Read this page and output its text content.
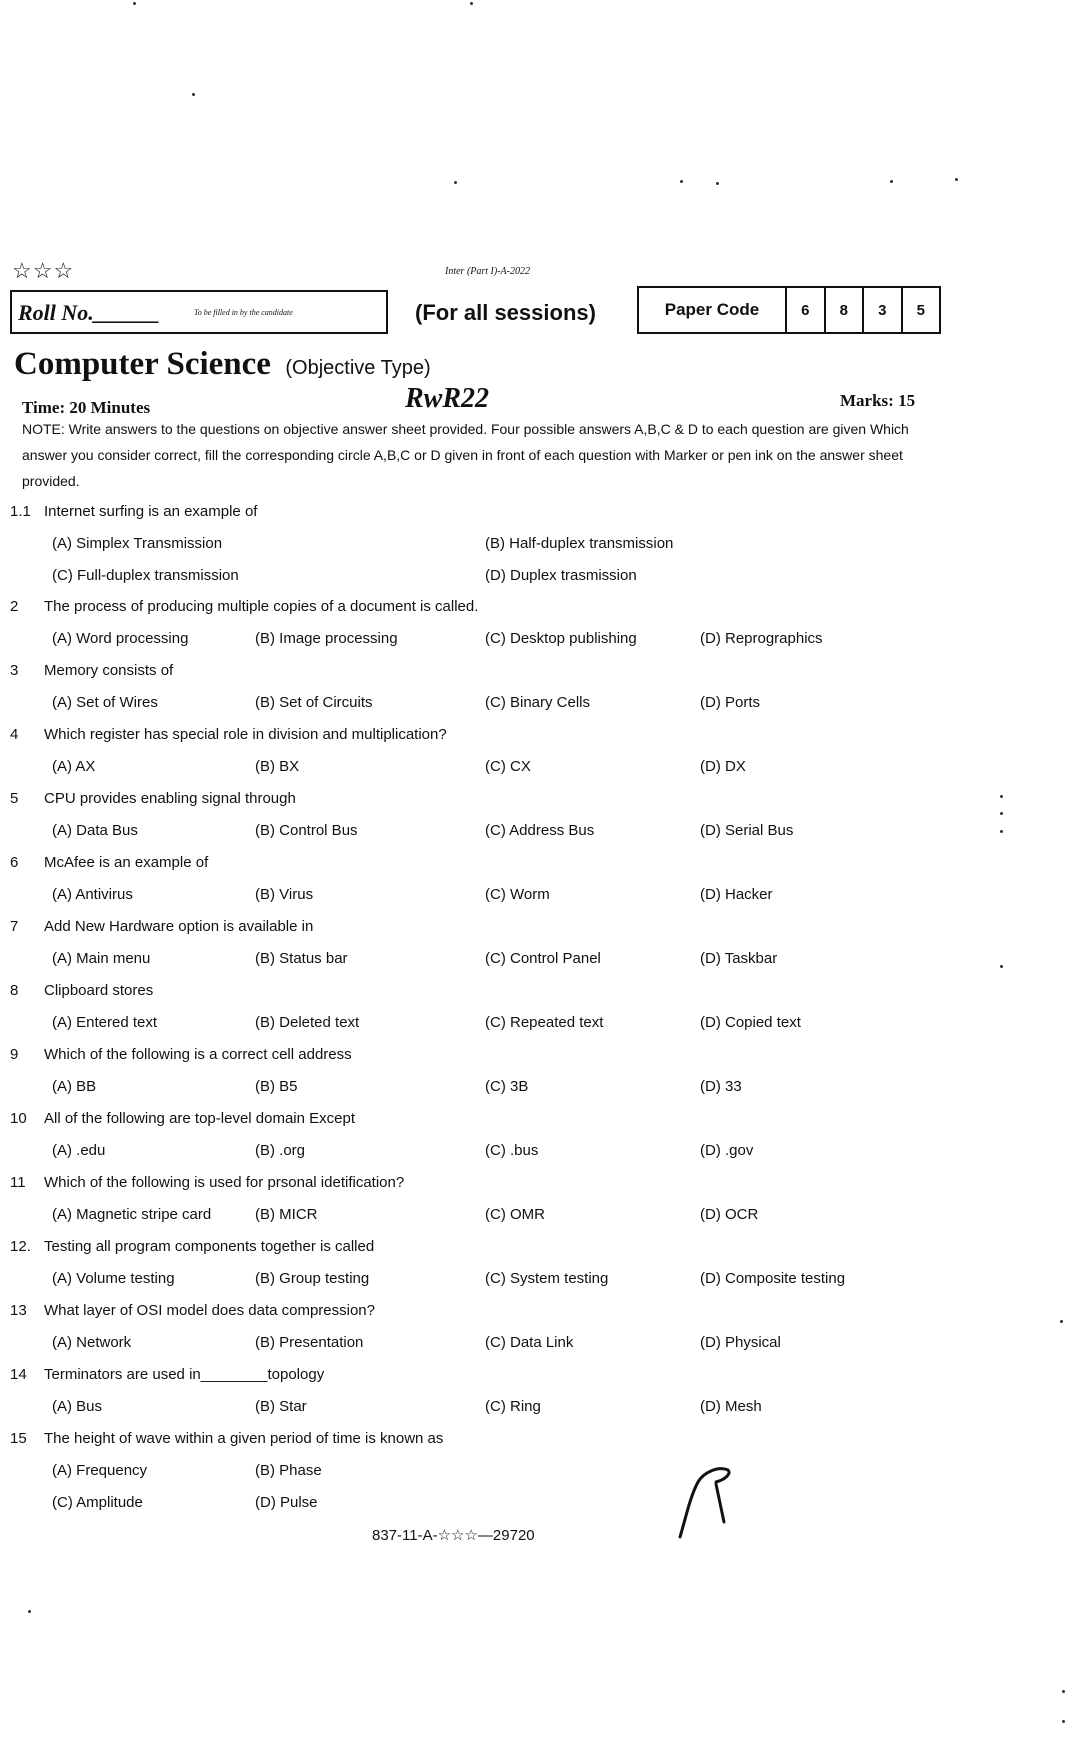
☆☆☆	Inter (Part I)-A-2022
Roll No.______	To be filled in by the candidate	(For all sessions)	Paper Code	6	8	3	5
Computer Science (Objective Type)
Time: 20 Minutes	RwR22	Marks: 15
NOTE: Write answers to the questions on objective answer sheet provided. Four possible answers A,B,C & D to each question are given Which answer you consider correct, fill the corresponding circle A,B,C or D given in front of each question with Marker or pen ink on the answer sheet provided.
1.1 Internet surfing is an example of
(A) Simplex Transmission	(B) Half-duplex transmission
(C) Full-duplex transmission	(D) Duplex trasmission
2 The process of producing multiple copies of a document is called.
(A) Word processing	(B) Image processing	(C) Desktop publishing	(D) Reprographics
3 Memory consists of
(A) Set of Wires	(B) Set of Circuits	(C) Binary Cells	(D) Ports
4 Which register has special role in division and multiplication?
(A) AX	(B) BX	(C) CX	(D) DX
5 CPU provides enabling signal through
(A) Data Bus	(B) Control Bus	(C) Address Bus	(D) Serial Bus
6 McAfee is an example of
(A) Antivirus	(B) Virus	(C) Worm	(D) Hacker
7 Add New Hardware option is available in
(A) Main menu	(B) Status bar	(C) Control Panel	(D) Taskbar
8 Clipboard stores
(A) Entered text	(B) Deleted text	(C) Repeated text	(D) Copied text
9 Which of the following is a correct cell address
(A) BB	(B) B5	(C) 3B	(D) 33
10 All of the following are top-level domain Except
(A) .edu	(B) .org	(C) .bus	(D) .gov
11 Which of the following is used for prsonal idetification?
(A) Magnetic stripe card	(B) MICR	(C) OMR	(D) OCR
12. Testing all program components together is called
(A) Volume testing	(B) Group testing	(C) System testing	(D) Composite testing
13 What layer of OSI model does data compression?
(A) Network	(B) Presentation	(C) Data Link	(D) Physical
14 Terminators are used in________topology
(A) Bus	(B) Star	(C) Ring	(D) Mesh
15 The height of wave within a given period of time is known as
(A) Frequency	(B) Phase
(C) Amplitude	(D) Pulse
837-11-A-☆☆☆—29720
